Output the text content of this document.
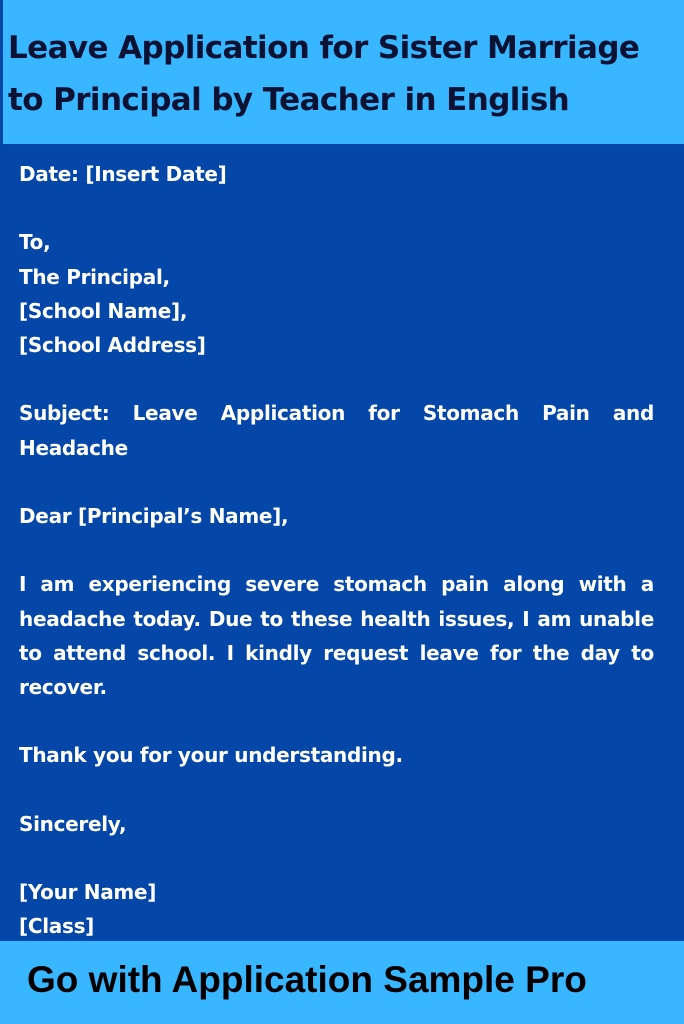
Leave Application for Sister Marriage to Principal by Teacher in English
Date: [Insert Date]
To,
The Principal,
[School Name],
[School Address]
Subject: Leave Application for Stomach Pain and Headache
Dear [Principal’s Name],
I am experiencing severe stomach pain along with a headache today. Due to these health issues, I am unable to attend school. I kindly request leave for the day to recover.
Thank you for your understanding.
Sincerely,
[Your Name]
[Class]

Go with Application Sample Pro
